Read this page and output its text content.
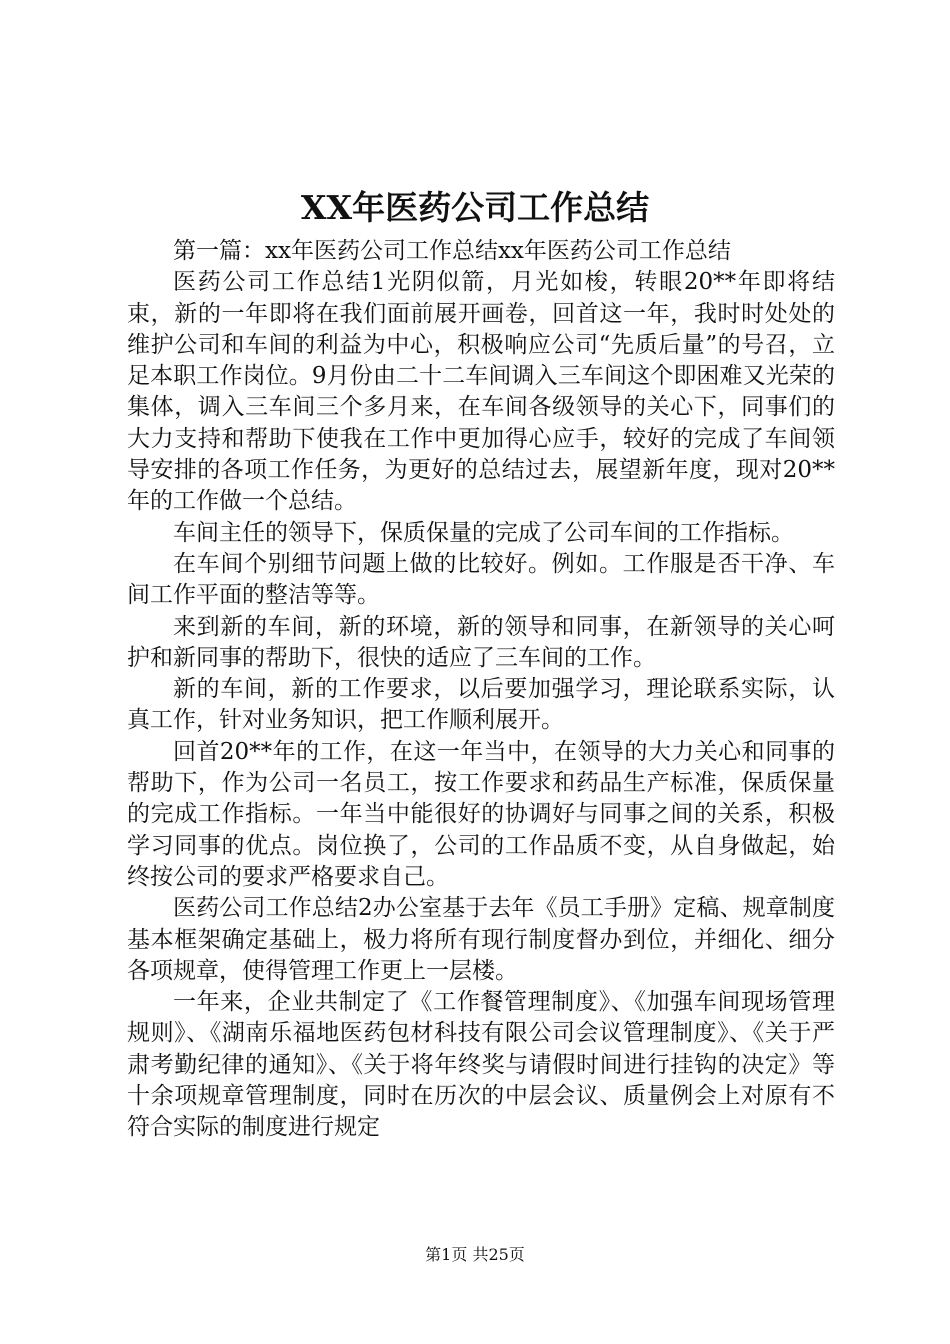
XX年医药公司工作总结

第一篇：xx年医药公司工作总结xx年医药公司工作总结

医药公司工作总结1光阴似箭，月光如梭，转眼20**年即将结束，新的一年即将在我们面前展开画卷，回首这一年，我时时处处的维护公司和车间的利益为中心，积极响应公司“先质后量”的号召，立足本职工作岗位。9月份由二十二车间调入三车间这个即困难又光荣的集体，调入三车间三个多月来，在车间各级领导的关心下，同事们的大力支持和帮助下使我在工作中更加得心应手，较好的完成了车间领导安排的各项工作任务，为更好的总结过去，展望新年度，现对20**年的工作做一个总结。

车间主任的领导下，保质保量的完成了公司车间的工作指标。

在车间个别细节问题上做的比较好。例如。工作服是否干净、车间工作平面的整洁等等。

来到新的车间，新的环境，新的领导和同事，在新领导的关心呵护和新同事的帮助下，很快的适应了三车间的工作。

新的车间，新的工作要求，以后要加强学习，理论联系实际，认真工作，针对业务知识，把工作顺利展开。

回首20**年的工作，在这一年当中，在领导的大力关心和同事的帮助下，作为公司一名员工，按工作要求和药品生产标准，保质保量的完成工作指标。一年当中能很好的协调好与同事之间的关系，积极学习同事的优点。岗位换了，公司的工作品质不变，从自身做起，始终按公司的要求严格要求自己。

医药公司工作总结2办公室基于去年《员工手册》定稿、规章制度基本框架确定基础上，极力将所有现行制度督办到位，并细化、细分各项规章，使得管理工作更上一层楼。

一年来，企业共制定了《工作餐管理制度》、《加强车间现场管理规则》、《湖南乐福地医药包材科技有限公司会议管理制度》、《关于严肃考勤纪律的通知》、《关于将年终奖与请假时间进行挂钩的决定》等十余项规章管理制度，同时在历次的中层会议、质量例会上对原有不符合实际的制度进行规定

第1页 共25页
